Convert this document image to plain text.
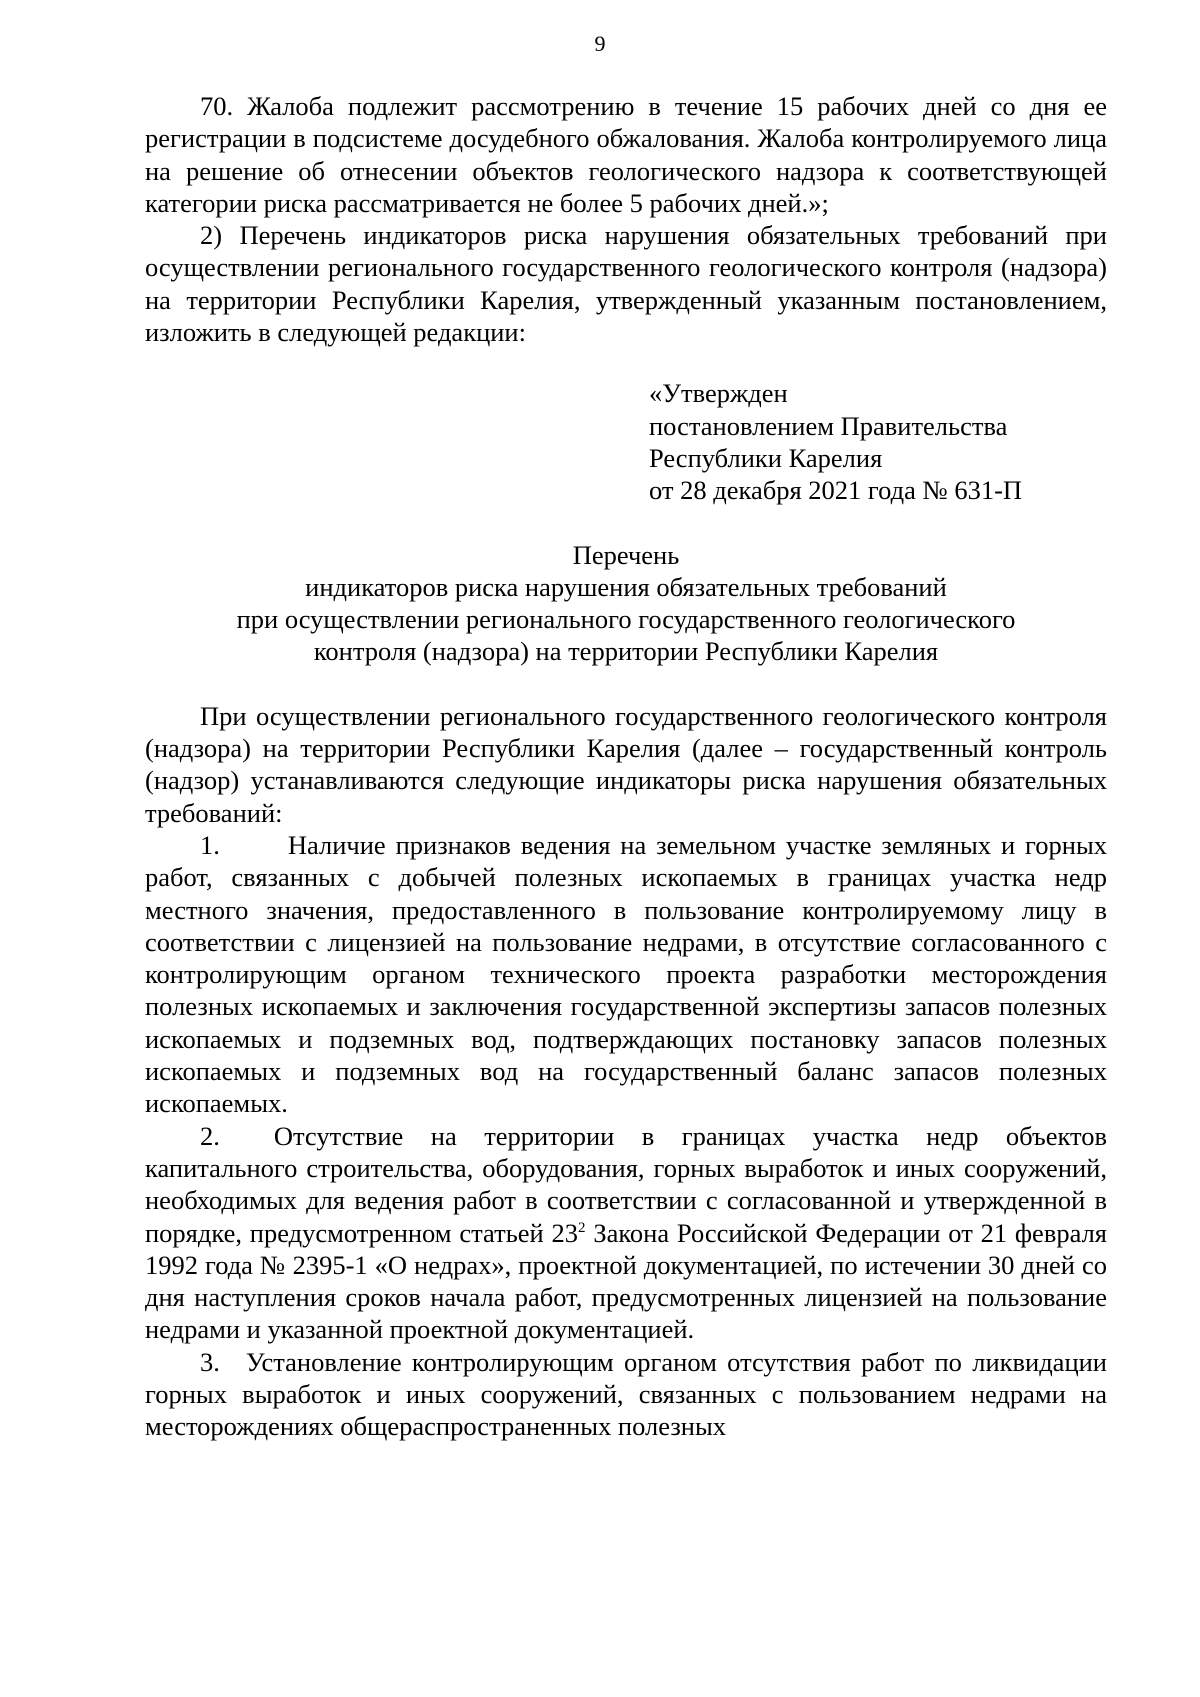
9

70. Жалоба подлежит рассмотрению в течение 15 рабочих дней со дня ее регистрации в подсистеме досудебного обжалования. Жалоба контролируемого лица на решение об отнесении объектов геологического надзора к соответствующей категории риска рассматривается не более 5 рабочих дней.»;

2) Перечень индикаторов риска нарушения обязательных требований при осуществлении регионального государственного геологического контроля (надзора) на территории Республики Карелия, утвержденный указанным постановлением, изложить в следующей редакции:

«Утвержден
постановлением Правительства
Республики Карелия
от 28 декабря 2021 года № 631-П
Перечень
индикаторов риска нарушения обязательных требований
при осуществлении регионального государственного геологического
контроля (надзора) на территории Республики Карелия

При осуществлении регионального государственного геологического контроля (надзора) на территории Республики Карелия (далее – государственный контроль (надзор) устанавливаются следующие индикаторы риска нарушения обязательных требований:

1.	Наличие признаков ведения на земельном участке земляных и горных работ, связанных с добычей полезных ископаемых в границах участка недр местного значения, предоставленного в пользование контролируемому лицу в соответствии с лицензией на пользование недрами, в отсутствие согласованного с контролирующим органом технического проекта разработки месторождения полезных ископаемых и заключения государственной экспертизы запасов полезных ископаемых и подземных вод, подтверждающих постановку запасов полезных ископаемых и подземных вод на государственный баланс запасов полезных ископаемых.

2. Отсутствие на территории в границах участка недр объектов капитального строительства, оборудования, горных выработок и иных сооружений, необходимых для ведения работ в соответствии с согласованной и утвержденной в порядке, предусмотренном статьей $23^2$ Закона Российской Федерации от 21 февраля 1992 года № 2395-1 «О недрах», проектной документацией, по истечении 30 дней со дня наступления сроков начала работ, предусмотренных лицензией на пользование недрами и указанной проектной документацией.

3. Установление контролирующим органом отсутствия работ по ликвидации горных выработок и иных сооружений, связанных с пользованием недрами на месторождениях общераспространенных полезных
